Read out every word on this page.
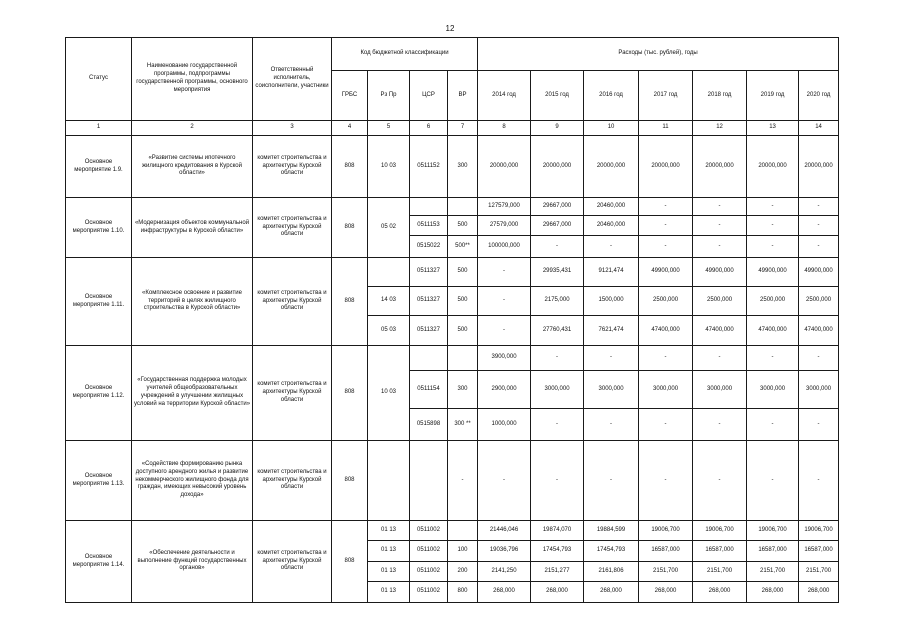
12
Статус	Наименование государственной программы, подпрограммы государственной программы, основного мероприятия	Ответственный исполнитель, соисполнители, участники	Код бюджетной классификации				Расходы (тыс. рублей), годы						
			ГРБС	Рз Пр	ЦСР	ВР	2014 год	2015 год	2016 год	2017 год	2018 год	2019 год	2020 год
1	2	3	4	5	6	7	8	9	10	11	12	13	14
Основное мероприятие 1.9.	«Развитие системы ипотечного жилищного кредитования в Курской области»	комитет строительства и архитектуры Курской области	808	10 03	0511152	300	20000,000	20000,000	20000,000	20000,000	20000,000	20000,000	20000,000
Основное мероприятие 1.10.	«Модернизация объектов коммунальной инфраструктуры в Курской области»	комитет строительства и архитектуры Курской области	808	05 02			127579,000	29667,000	20460,000	-	-	-	-
					0511153	500	27579,000	29667,000	20460,000	-	-	-	-
					0515022	500**	100000,000	-	-	-	-	-	-
Основное мероприятие 1.11.	«Комплексное освоение и развитие территорий в целях жилищного строительства в Курской области»	комитет строительства и архитектуры Курской области	808		0511327	500	-	29935,431	9121,474	49900,000	49900,000	49900,000	49900,000
				14 03	0511327	500	-	2175,000	1500,000	2500,000	2500,000	2500,000	2500,000
				05 03	0511327	500	-	27760,431	7621,474	47400,000	47400,000	47400,000	47400,000
Основное мероприятие 1.12.	«Государственная поддержка молодых учителей общеобразовательных учреждений в улучшении жилищных условий на территории Курской области»	комитет строительства и архитектуры Курской области	808	10 03			3900,000	-	-	-	-	-	-
					0511154	300	2900,000	3000,000	3000,000	3000,000	3000,000	3000,000	3000,000
					0515898	300 **	1000,000	-	-	-	-	-	-
Основное мероприятие 1.13.	«Содействие формированию рынка доступного арендного жилья и развитие некоммерческого жилищного фонда для граждан, имеющих невысокий уровень дохода»	комитет строительства и архитектуры Курской области	808			-	-	-	-	-	-	-	-
Основное мероприятие 1.14.	«Обеспечение деятельности и выполнение функций государственных органов»	комитет строительства и архитектуры Курской области	808	01 13	0511002		21446,046	19874,070	19884,599	19006,700	19006,700	19006,700	19006,700
				01 13	0511002	100	19036,796	17454,793	17454,793	16587,000	16587,000	16587,000	16587,000
				01 13	0511002	200	2141,250	2151,277	2161,806	2151,700	2151,700	2151,700	2151,700
				01 13	0511002	800	268,000	268,000	268,000	268,000	268,000	268,000	268,000
